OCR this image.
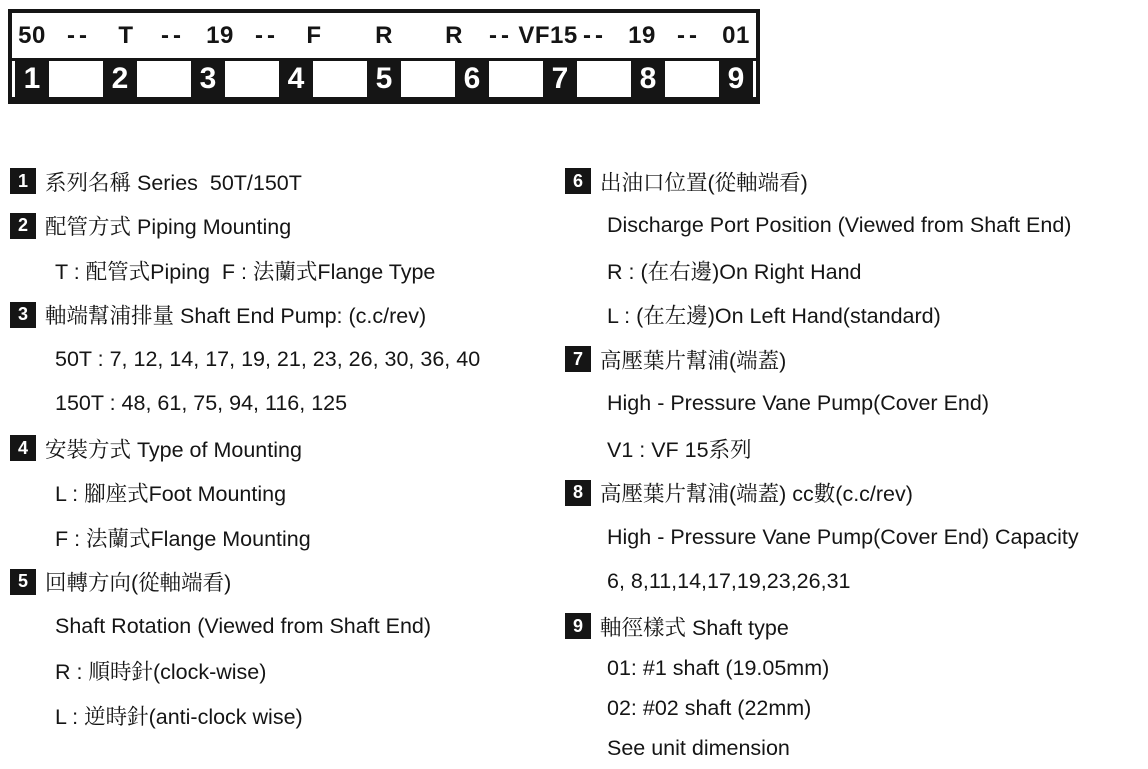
50 -- T -- 19 -- F R R -- VF15 -- 19 -- 01
1 2 3 4 5 6 7 8 9
1 系列名稱 Series  50T/150T
2 配管方式 Piping Mounting
T : 配管式Piping  F : 法蘭式Flange Type
3 軸端幫浦排量 Shaft End Pump: (c.c/rev)
50T : 7, 12, 14, 17, 19, 21, 23, 26, 30, 36, 40
150T : 48, 61, 75, 94, 116, 125
4 安裝方式 Type of Mounting
L : 腳座式Foot Mounting
F : 法蘭式Flange Mounting
5 回轉方向(從軸端看)
Shaft Rotation (Viewed from Shaft End)
R : 順時針(clock-wise)
L : 逆時針(anti-clock wise)
6 出油口位置(從軸端看)
Discharge Port Position (Viewed from Shaft End)
R : (在右邊)On Right Hand
L : (在左邊)On Left Hand(standard)
7 高壓葉片幫浦(端蓋)
High - Pressure Vane Pump(Cover End)
V1 : VF 15系列
8 高壓葉片幫浦(端蓋) cc數(c.c/rev)
High - Pressure Vane Pump(Cover End) Capacity
6, 8,11,14,17,19,23,26,31
9 軸徑樣式 Shaft type
01: #1 shaft (19.05mm)
02: #02 shaft (22mm)
See unit dimension
